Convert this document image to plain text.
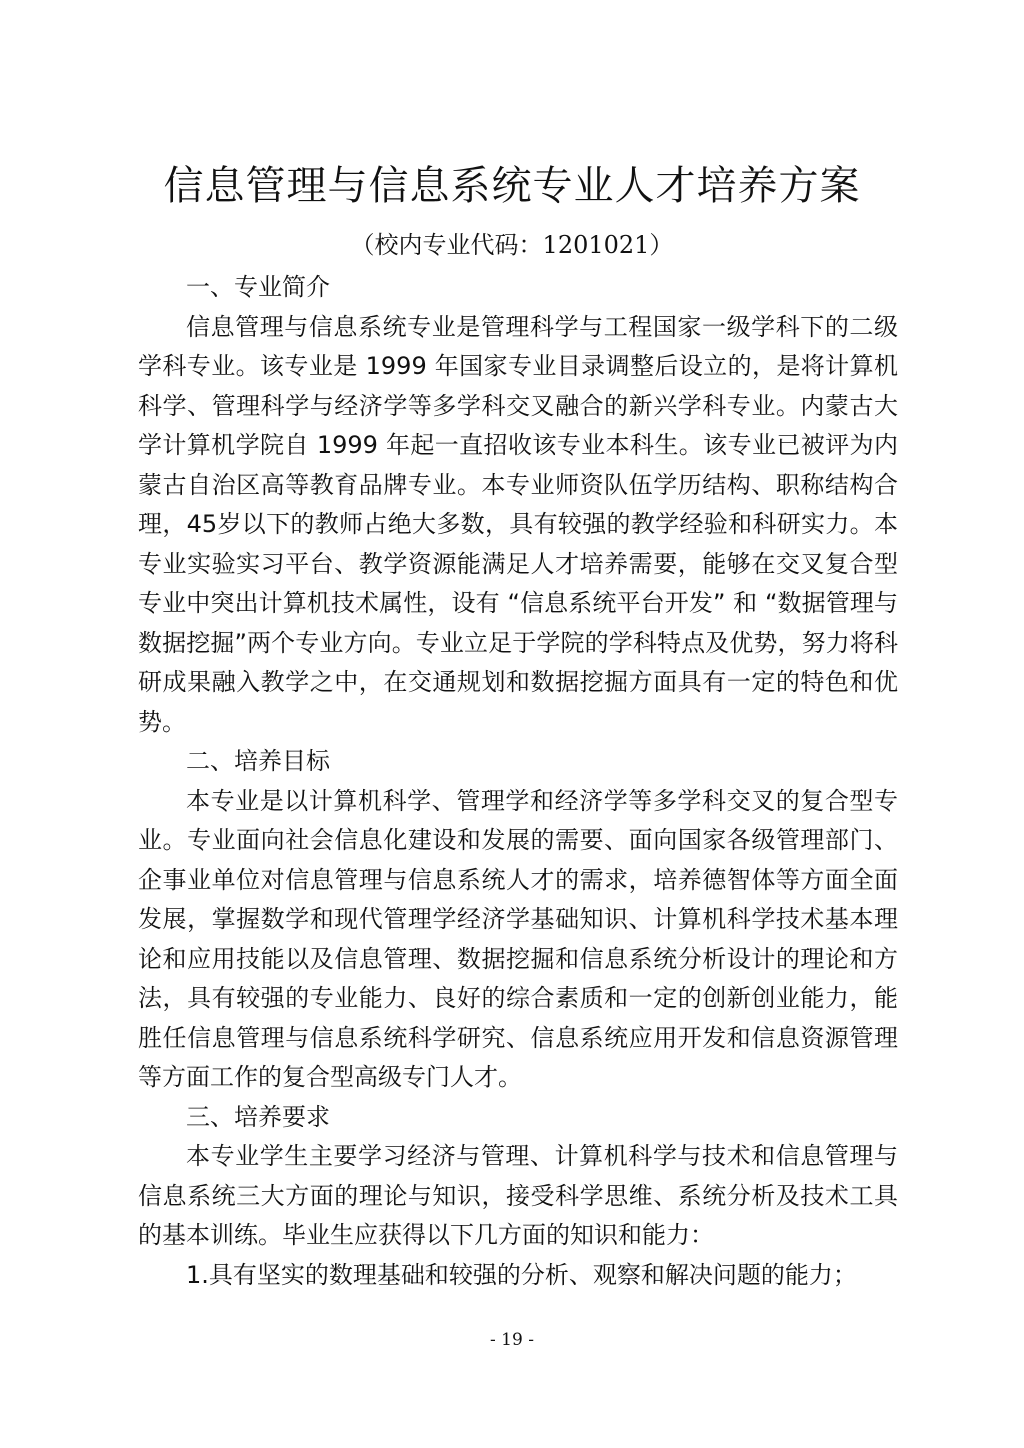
信息管理与信息系统专业人才培养方案
（校内专业代码：1201021）
一、专业简介

信息管理与信息系统专业是管理科学与工程国家一级学科下的二级学科专业。该专业是 1999 年国家专业目录调整后设立的，是将计算机科学、管理科学与经济学等多学科交叉融合的新兴学科专业。内蒙古大学计算机学院自 1999 年起一直招收该专业本科生。该专业已被评为内蒙古自治区高等教育品牌专业。本专业师资队伍学历结构、职称结构合理，45岁以下的教师占绝大多数，具有较强的教学经验和科研实力。本专业实验实习平台、教学资源能满足人才培养需要，能够在交叉复合型专业中突出计算机技术属性，设有 “信息系统平台开发” 和 “数据管理与数据挖掘”两个专业方向。专业立足于学院的学科特点及优势，努力将科研成果融入教学之中，在交通规划和数据挖掘方面具有一定的特色和优势。

二、培养目标

本专业是以计算机科学、管理学和经济学等多学科交叉的复合型专业。专业面向社会信息化建设和发展的需要、面向国家各级管理部门、企事业单位对信息管理与信息系统人才的需求，培养德智体等方面全面发展，掌握数学和现代管理学经济学基础知识、计算机科学技术基本理论和应用技能以及信息管理、数据挖掘和信息系统分析设计的理论和方法，具有较强的专业能力、良好的综合素质和一定的创新创业能力，能胜任信息管理与信息系统科学研究、信息系统应用开发和信息资源管理等方面工作的复合型高级专门人才。

三、培养要求

本专业学生主要学习经济与管理、计算机科学与技术和信息管理与信息系统三大方面的理论与知识，接受科学思维、系统分析及技术工具的基本训练。毕业生应获得以下几方面的知识和能力：

1.具有坚实的数理基础和较强的分析、观察和解决问题的能力；

- 19 -
